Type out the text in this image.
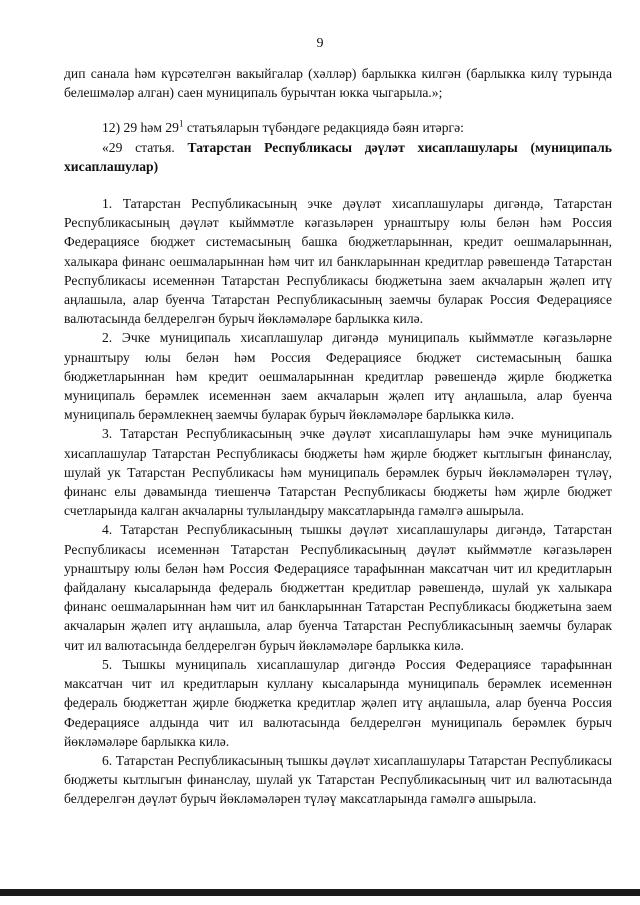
9

дип санала һәм күрсәтелгән вакыйгалар (хәлләр) барлыкка килгән (барлыкка килү турында белешмәләр алган) саен муниципаль бурычтан юкка чыгарыла.»;

12) 29 һәм $29^1$ статьяларын түбәндәге редакциядә бәян итәргә:

«29 статья. Татарстан Республикасы дәүләт хисаплашулары (муниципаль хисаплашулар)

1. Татарстан Республикасының эчке дәүләт хисаплашулары дигәндә, Татарстан Республикасының дәүләт кыйммәтле кәгазьләрен урнаштыру юлы белән һәм Россия Федерациясе бюджет системасының башка бюджетларыннан, кредит оешмаларыннан, халыкара финанс оешмаларыннан һәм чит ил банкларыннан кредитлар рәвешендә Татарстан Республикасы исеменнән Татарстан Республикасы бюджетына заем акчаларын җәлеп итү аңлашыла, алар буенча Татарстан Республикасының заемчы буларак Россия Федерациясе валютасында белдерелгән бурыч йөкләмәләре барлыкка килә.

2. Эчке муниципаль хисаплашулар дигәндә муниципаль кыйммәтле кәгазьләрне урнаштыру юлы белән һәм Россия Федерациясе бюджет системасының башка бюджетларыннан һәм кредит оешмаларыннан кредитлар рәвешендә җирле бюджетка муниципаль берәмлек исеменнән заем акчаларын җәлеп итү аңлашыла, алар буенча муниципаль берәмлекнең заемчы буларак бурыч йөкләмәләре барлыкка килә.

3. Татарстан Республикасының эчке дәүләт хисаплашулары һәм эчке муниципаль хисаплашулар Татарстан Республикасы бюджеты һәм җирле бюджет кытлыгын финанслау, шулай ук Татарстан Республикасы һәм муниципаль берәмлек бурыч йөкләмәләрен түләү, финанс елы дәвамында тиешенчә Татарстан Республикасы бюджеты һәм җирле бюджет счетларында калган акчаларны тулыландыру максатларында гамәлгә ашырыла.

4. Татарстан Республикасының тышкы дәүләт хисаплашулары дигәндә, Татарстан Республикасы исеменнән Татарстан Республикасының дәүләт кыйммәтле кәгазьләрен урнаштыру юлы белән һәм Россия Федерациясе тарафыннан максатчан чит ил кредитларын файдалану кысаларында федераль бюджеттан кредитлар рәвешендә, шулай ук халыкара финанс оешмаларыннан һәм чит ил банкларыннан Татарстан Республикасы бюджетына заем акчаларын җәлеп итү аңлашыла, алар буенча Татарстан Республикасының заемчы буларак чит ил валютасында белдерелгән бурыч йөкләмәләре барлыкка килә.

5. Тышкы муниципаль хисаплашулар дигәндә Россия Федерациясе тарафыннан максатчан чит ил кредитларын куллану кысаларында муниципаль берәмлек исеменнән федераль бюджеттан җирле бюджетка кредитлар җәлеп итү аңлашыла, алар буенча Россия Федерациясе алдында чит ил валютасында белдерелгән муниципаль берәмлек бурыч йөкләмәләре барлыкка килә.

6. Татарстан Республикасының тышкы дәүләт хисаплашулары Татарстан Республикасы бюджеты кытлыгын финанслау, шулай ук Татарстан Республикасының чит ил валютасында белдерелгән дәүләт бурыч йөкләмәләрен түләү максатларында гамәлгә ашырыла.
